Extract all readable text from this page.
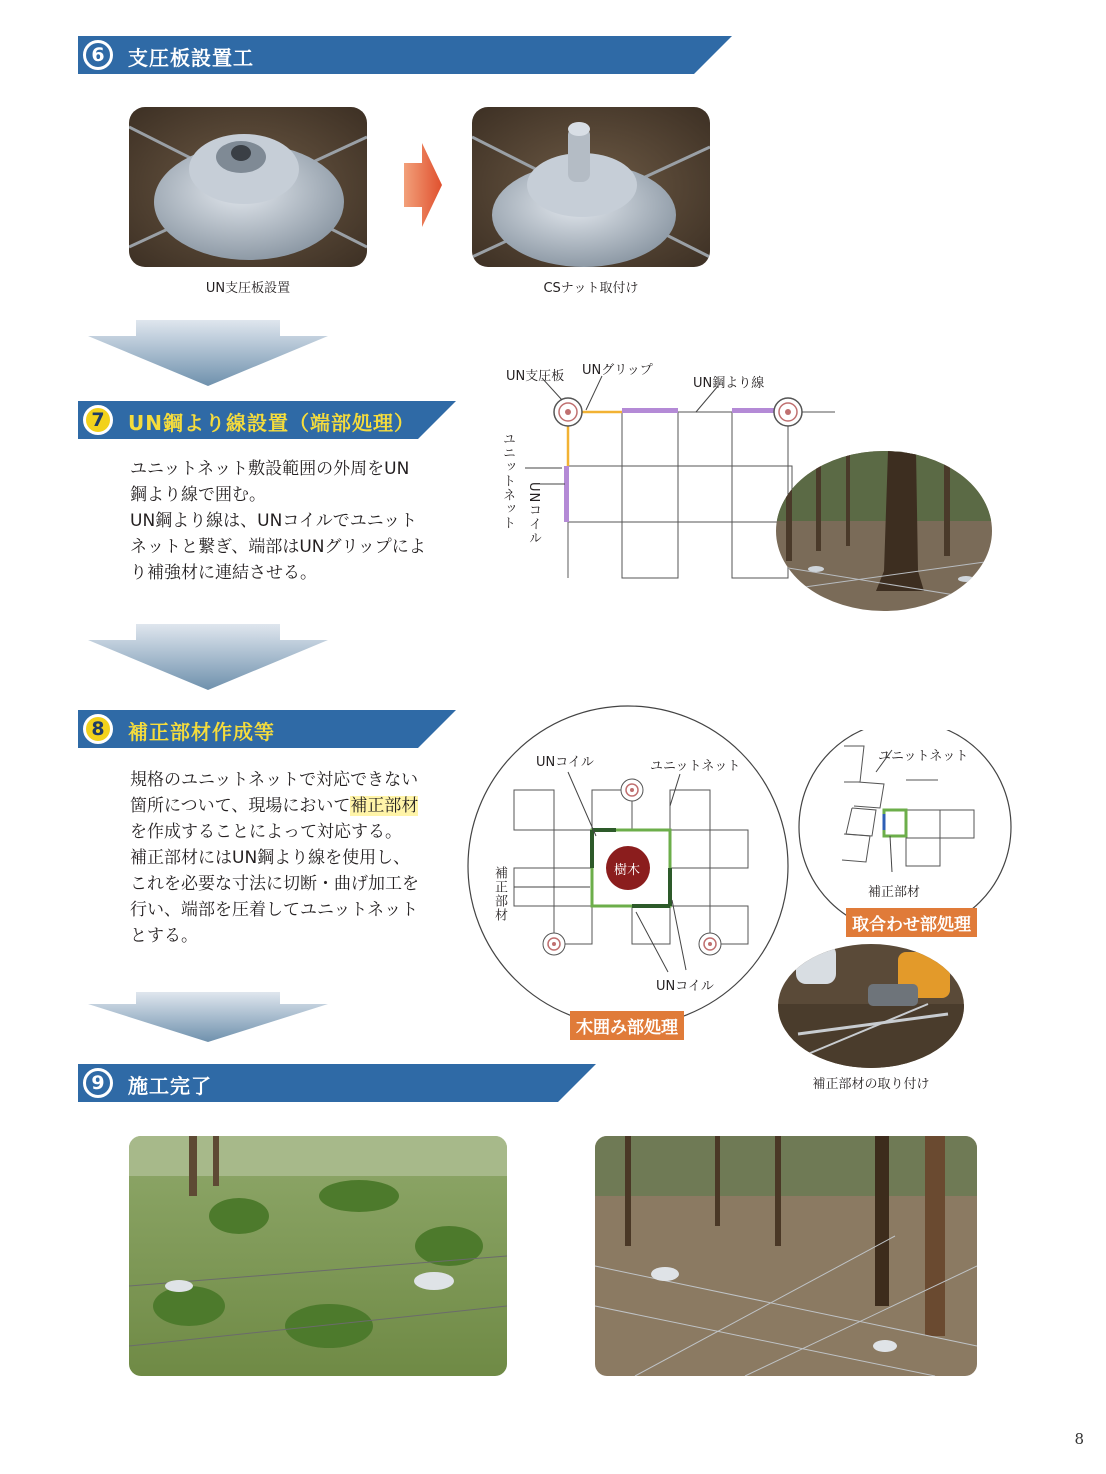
6	支圧板設置工
UN支圧板設置	CSナット取付け
7	UN鋼より線設置（端部処理）

ユニットネット敷設範囲の外周をUN

鋼より線で囲む。

UN鋼より線は、UNコイルでユニット

ネットと繋ぎ、端部はUNグリップによ

り補強材に連結させる。

UN支圧板 UNグリップ
UN鋼より線
ユニットネット UNコイル
8	補正部材作成等

規格のユニットネットで対応できない

箇所について、現場において補正部材

を作成することによって対応する。

補正部材にはUN鋼より線を使用し、

これを必要な寸法に切断・曲げ加工を

行い、端部を圧着してユニットネット

とする。

UNコイル	ユニットネット
樹木
補正部材
UNコイル
木囲み部処理
ユニットネット
補正部材
取合わせ部処理
補正部材の取り付け
9	施工完了
8
